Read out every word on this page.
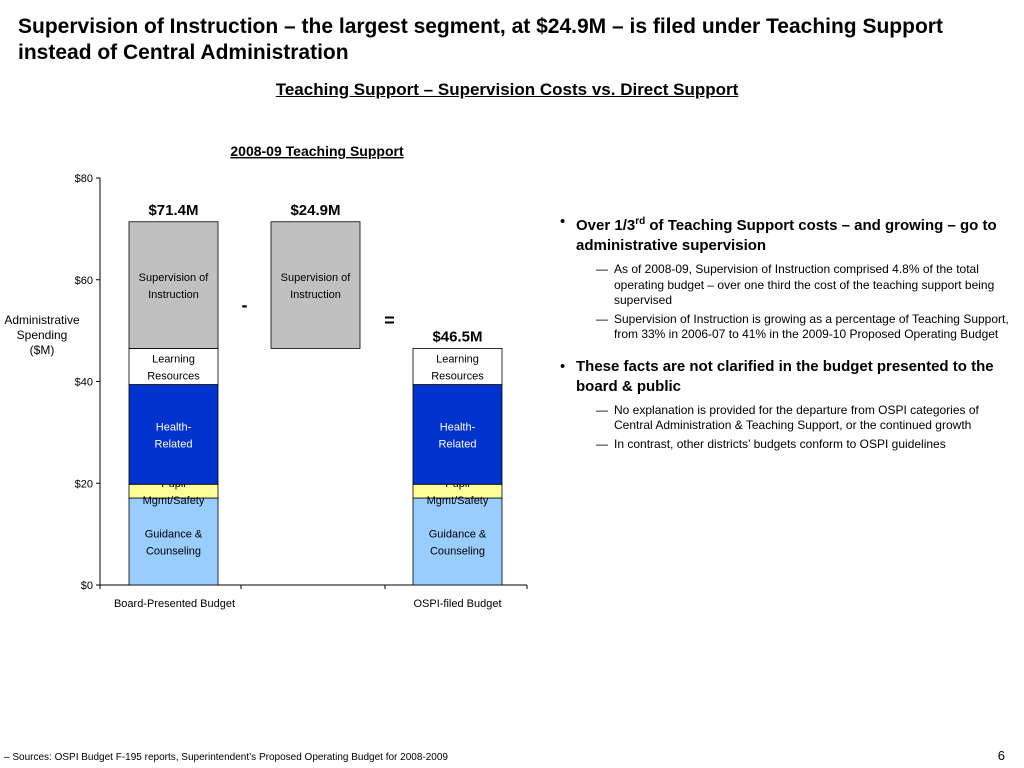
Supervision of Instruction – the largest segment, at $24.9M – is filed under Teaching Support instead of Central Administration
Teaching Support – Supervision Costs vs. Direct Support
2008-09 Teaching Support
Administrative Spending ($M)
$0
$20
$40
$60
$80
Guidance & Counseling
Mgmt/Safety
Health-Related
Learning Resources
Supervision of Instruction
Board-Presented Budget
Supervision of Instruction
Guidance & Counseling
Mgmt/Safety
Health-Related
Learning Resources
OSPI-filed Budget
$71.4M	$24.9M
$46.5M
-
=
• Over 1/3rd of Teaching Support costs – and growing – go to administrative supervision
— As of 2008-09, Supervision of Instruction comprised 4.8% of the total operating budget – over one third the cost of the teaching support being supervised
— Supervision of Instruction is growing as a percentage of Teaching Support, from 33% in 2006-07 to 41% in the 2009-10 Proposed Operating Budget
• These facts are not clarified in the budget presented to the board & public
— No explanation is provided for the departure from OSPI categories of Central Administration & Teaching Support, or the continued growth
— In contrast, other districts’ budgets conform to OSPI guidelines
– Sources: OSPI Budget F-195 reports, Superintendent’s Proposed Operating Budget for 2008-2009	6
